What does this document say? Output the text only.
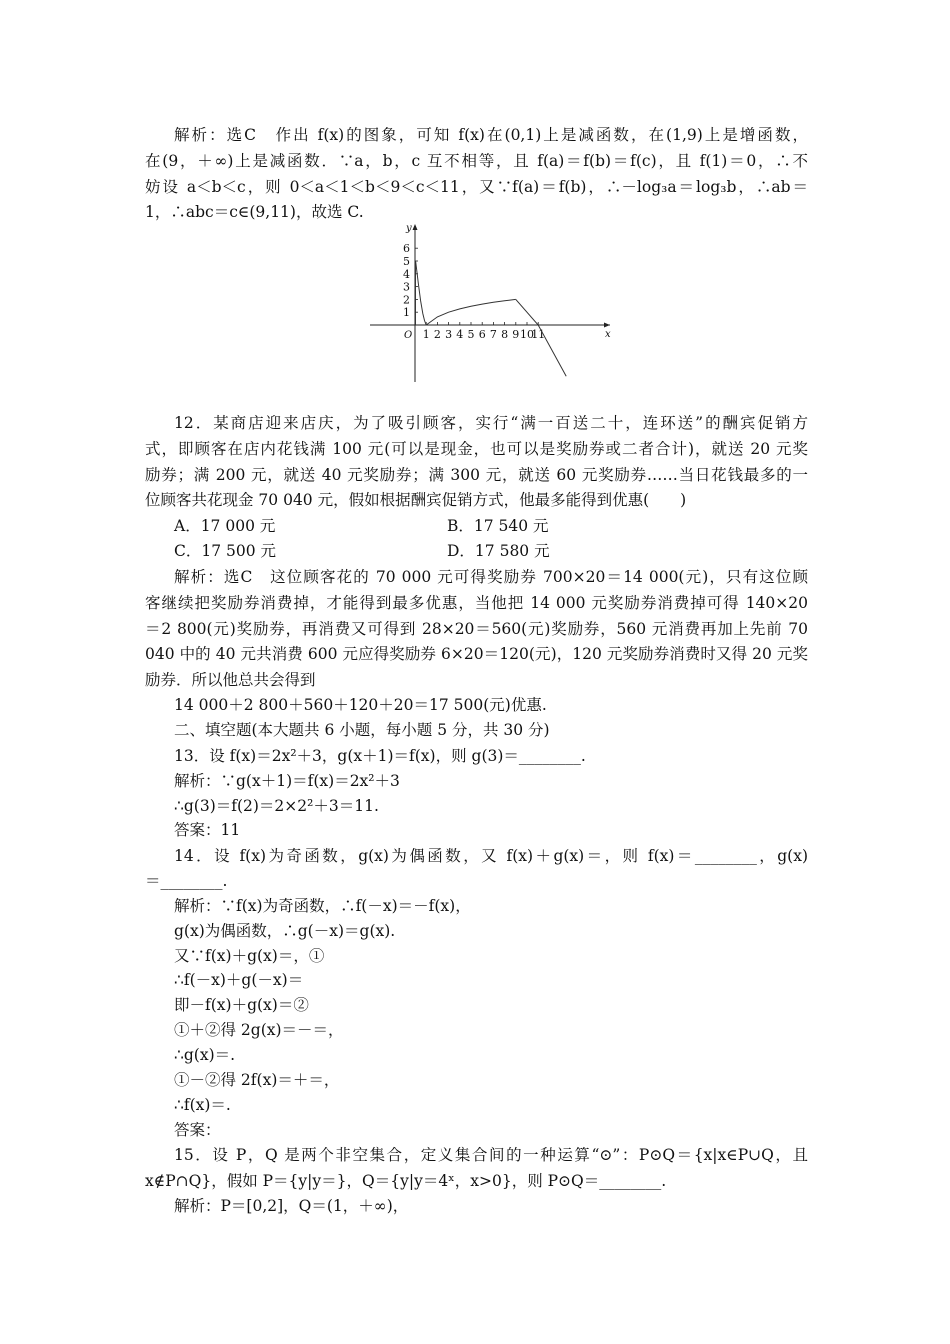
解析：选C　作出 f(x)的图象，可知 f(x)在(0,1)上是减函数，在(1,9)上是增函数，
在(9，＋∞)上是减函数．∵a，b，c 互不相等，且 f(a)＝f(b)＝f(c)，且 f(1)＝0，∴不
妨设 a＜b＜c，则 0＜a＜1＜b＜9＜c＜11，又∵f(a)＝f(b)，∴－log₃a＝log₃b，∴ab＝
1，∴abc＝c∈(9,11)，故选 C.
x
y
O 1 2 3 4 5 6 7 8 9 10
11
1
2
3
4
5
6
12．某商店迎来店庆，为了吸引顾客，实行“满一百送二十，连环送”的酬宾促销方
式，即顾客在店内花钱满 100 元(可以是现金，也可以是奖励券或二者合计)，就送 20 元奖
励券；满 200 元，就送 40 元奖励券；满 300 元，就送 60 元奖励券……当日花钱最多的一
位顾客共花现金 70 040 元，假如根据酬宾促销方式，他最多能得到优惠(　　)
A．17 000 元	B．17 540 元
C．17 500 元	D．17 580 元
解析：选C　这位顾客花的 70 000 元可得奖励券 700×20＝14 000(元)，只有这位顾
客继续把奖励券消费掉，才能得到最多优惠，当他把 14 000 元奖励券消费掉可得 140×20
＝2 800(元)奖励券，再消费又可得到 28×20＝560(元)奖励券，560 元消费再加上先前 70
040 中的 40 元共消费 600 元应得奖励券 6×20＝120(元)，120 元奖励券消费时又得 20 元奖
励券．所以他总共会得到
14 000＋2 800＋560＋120＋20＝17 500(元)优惠.
二、填空题(本大题共 6 小题，每小题 5 分，共 30 分)
13．设 f(x)＝2x²＋3，g(x＋1)＝f(x)，则 g(3)＝________.
解析：∵g(x＋1)＝f(x)＝2x²＋3
∴g(3)＝f(2)＝2×2²＋3＝11.
答案：11
14．设 f(x)为奇函数，g(x)为偶函数，又 f(x)＋g(x)＝，则 f(x)＝________，g(x)
＝________.
解析：∵f(x)为奇函数，∴f(－x)＝－f(x)，
g(x)为偶函数，∴g(－x)＝g(x).
又∵f(x)＋g(x)＝，①
∴f(－x)＋g(－x)＝
即－f(x)＋g(x)＝②
①＋②得 2g(x)＝－＝，
∴g(x)＝.
①－②得 2f(x)＝＋＝，
∴f(x)＝.
答案：
15．设 P，Q 是两个非空集合，定义集合间的一种运算“⊙”：P⊙Q＝{x|x∈P∪Q，且
x∉P∩Q}，假如 P＝{y|y＝}，Q＝{y|y＝4ˣ，x>0}，则 P⊙Q＝________.
解析：P＝[0,2]，Q＝(1，＋∞)，
